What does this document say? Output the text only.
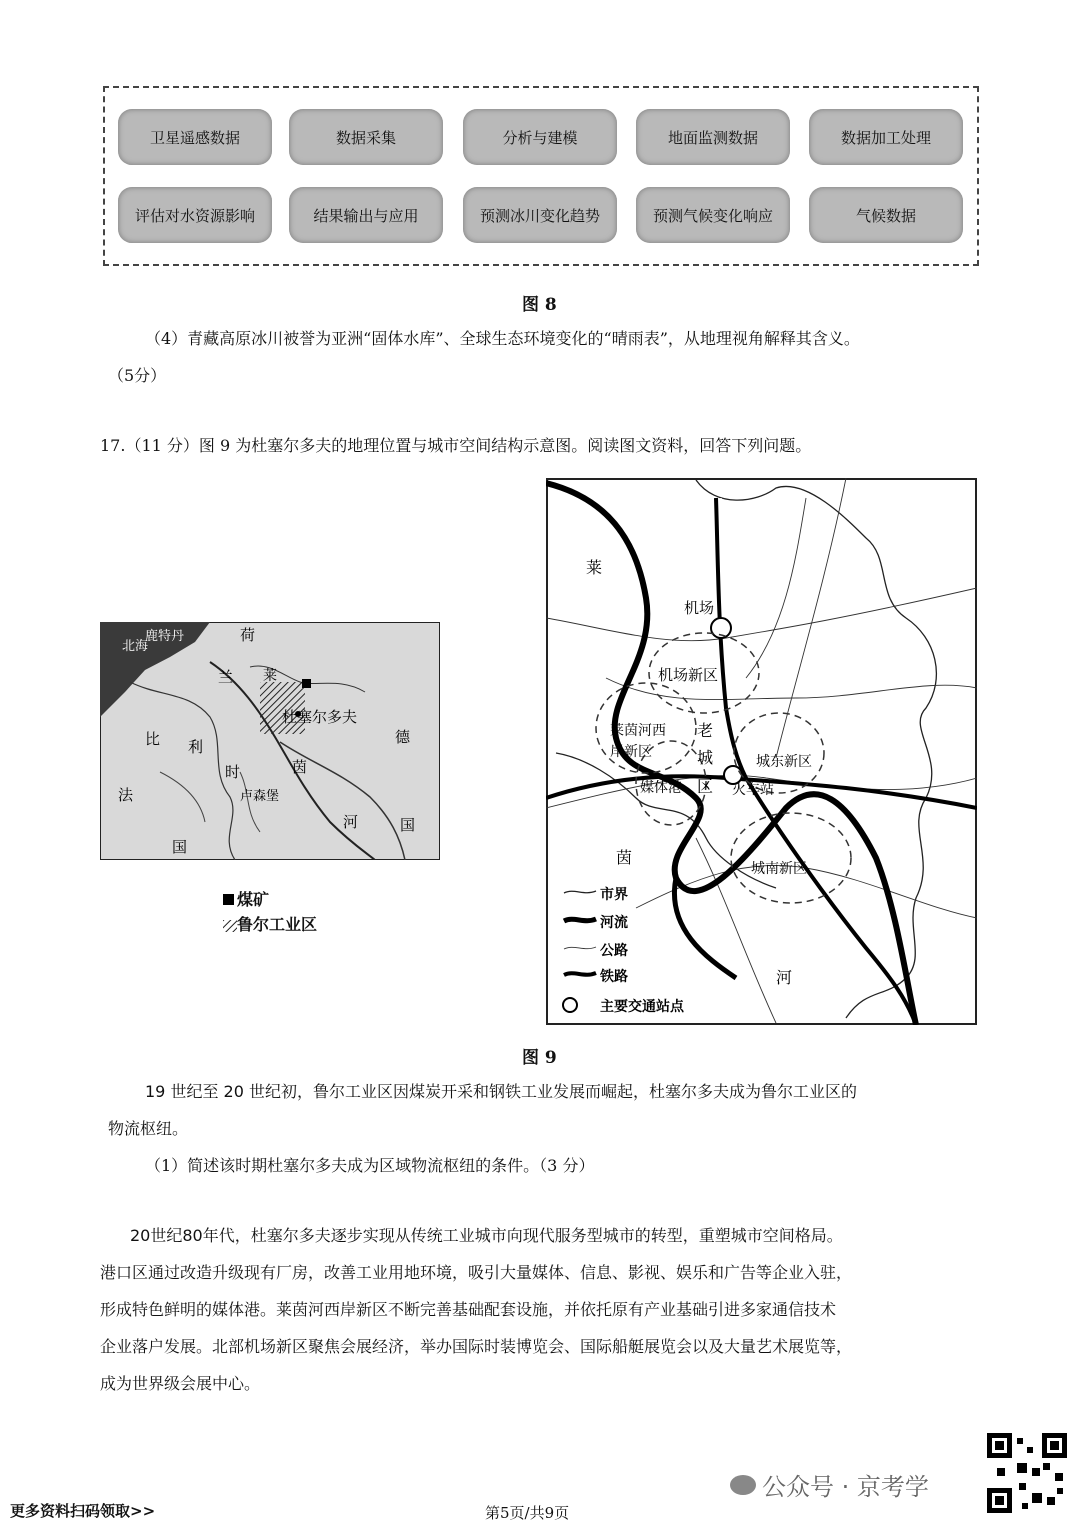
卫星遥感数据	数据采集	分析与建模	地面监测数据	数据加工处理
评估对水资源影响	结果输出与应用	预测冰川变化趋势	预测气候变化响应	气候数据
图 8
（4）青藏高原冰川被誉为亚洲“固体水库”、全球生态环境变化的“晴雨表”，从地理视角解释其含义。
（5分）
17.（11 分）图 9 为杜塞尔多夫的地理位置与城市空间结构示意图。阅读图文资料，回答下列问题。
北海
鹿特丹	荷
兰
比 利
时
卢森堡
法
国
杜塞尔多夫
德
国
莱
茵
河
煤矿
鲁尔工业区
莱
茵
河
机场
机场新区
莱茵河西
岸新区
老
城
区
媒体港
城东新区
火车站
城南新区
市界
河流
公路
铁路
主要交通站点
图 9
19 世纪至 20 世纪初，鲁尔工业区因煤炭开采和钢铁工业发展而崛起，杜塞尔多夫成为鲁尔工业区的
物流枢纽。
（1）简述该时期杜塞尔多夫成为区域物流枢纽的条件。（3 分）
20世纪80年代，杜塞尔多夫逐步实现从传统工业城市向现代服务型城市的转型，重塑城市空间格局。
港口区通过改造升级现有厂房，改善工业用地环境，吸引大量媒体、信息、影视、娱乐和广告等企业入驻，
形成特色鲜明的媒体港。莱茵河西岸新区不断完善基础配套设施，并依托原有产业基础引进多家通信技术
企业落户发展。北部机场新区聚焦会展经济，举办国际时装博览会、国际船艇展览会以及大量艺术展览等，
成为世界级会展中心。
公众号 · 京考学
更多资料扫码领取>>	第5页/共9页
